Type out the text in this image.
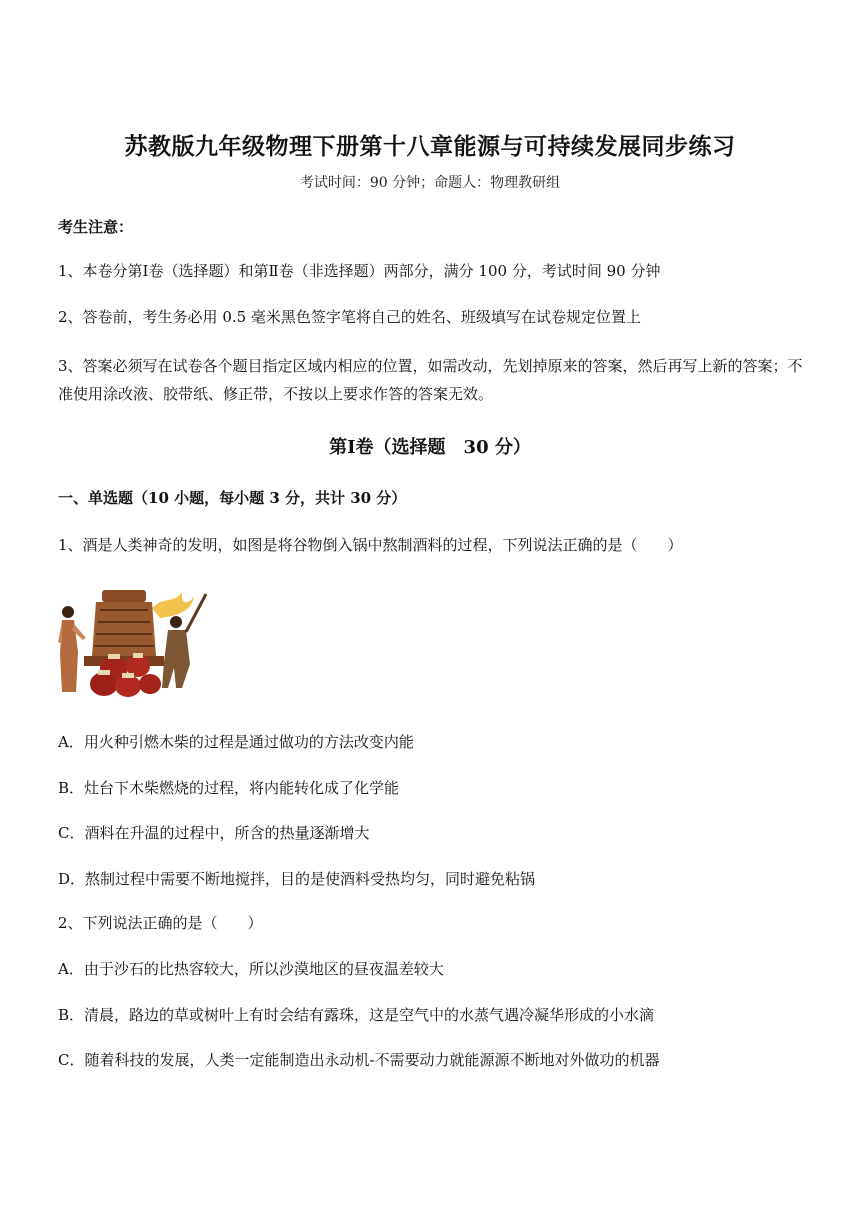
苏教版九年级物理下册第十八章能源与可持续发展同步练习
考试时间：90 分钟；命题人：物理教研组
考生注意：
1、本卷分第Ⅰ卷（选择题）和第Ⅱ卷（非选择题）两部分，满分 100 分，考试时间 90 分钟
2、答卷前，考生务必用 0.5 毫米黑色签字笔将自己的姓名、班级填写在试卷规定位置上
3、答案必须写在试卷各个题目指定区域内相应的位置，如需改动，先划掉原来的答案，然后再写上新的答案；不准使用涂改液、胶带纸、修正带，不按以上要求作答的答案无效。
第Ⅰ卷（选择题　30 分）
一、单选题（10 小题，每小题 3 分，共计 30 分）
1、酒是人类神奇的发明，如图是将谷物倒入锅中熬制酒料的过程，下列说法正确的是（　　）
A．用火种引燃木柴的过程是通过做功的方法改变内能
B．灶台下木柴燃烧的过程，将内能转化成了化学能
C．酒料在升温的过程中，所含的热量逐渐增大
D．熬制过程中需要不断地搅拌，目的是使酒料受热均匀，同时避免粘锅
2、下列说法正确的是（　　）
A．由于沙石的比热容较大，所以沙漠地区的昼夜温差较大
B．清晨，路边的草或树叶上有时会结有露珠，这是空气中的水蒸气遇冷凝华形成的小水滴
C．随着科技的发展，人类一定能制造出永动机-不需要动力就能源源不断地对外做功的机器
